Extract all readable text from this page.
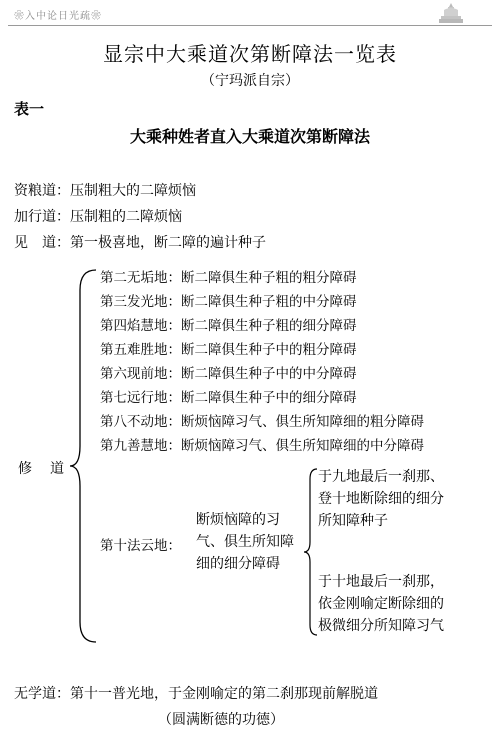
❀入中论日光疏❀
显宗中大乘道次第断障法一览表
（宁玛派自宗）
表一
大乘种姓者直入大乘道次第断障法
资粮道：压制粗大的二障烦恼
加行道：压制粗的二障烦恼
见　道：第一极喜地，断二障的遍计种子
修　道
第二无垢地：断二障俱生种子粗的粗分障碍
第三发光地：断二障俱生种子粗的中分障碍
第四焰慧地：断二障俱生种子粗的细分障碍
第五难胜地：断二障俱生种子中的粗分障碍
第六现前地：断二障俱生种子中的中分障碍
第七远行地：断二障俱生种子中的细分障碍
第八不动地：断烦恼障习气、俱生所知障细的粗分障碍
第九善慧地：断烦恼障习气、俱生所知障细的中分障碍
第十法云地：
断烦恼障的习
气、俱生所知障
细的细分障碍
于九地最后一刹那、
登十地断除细的细分
所知障种子
于十地最后一刹那，
依金刚喻定断除细的
极微细分所知障习气
无学道：第十一普光地，于金刚喻定的第二刹那现前解脱道
（圆满断德的功德）
